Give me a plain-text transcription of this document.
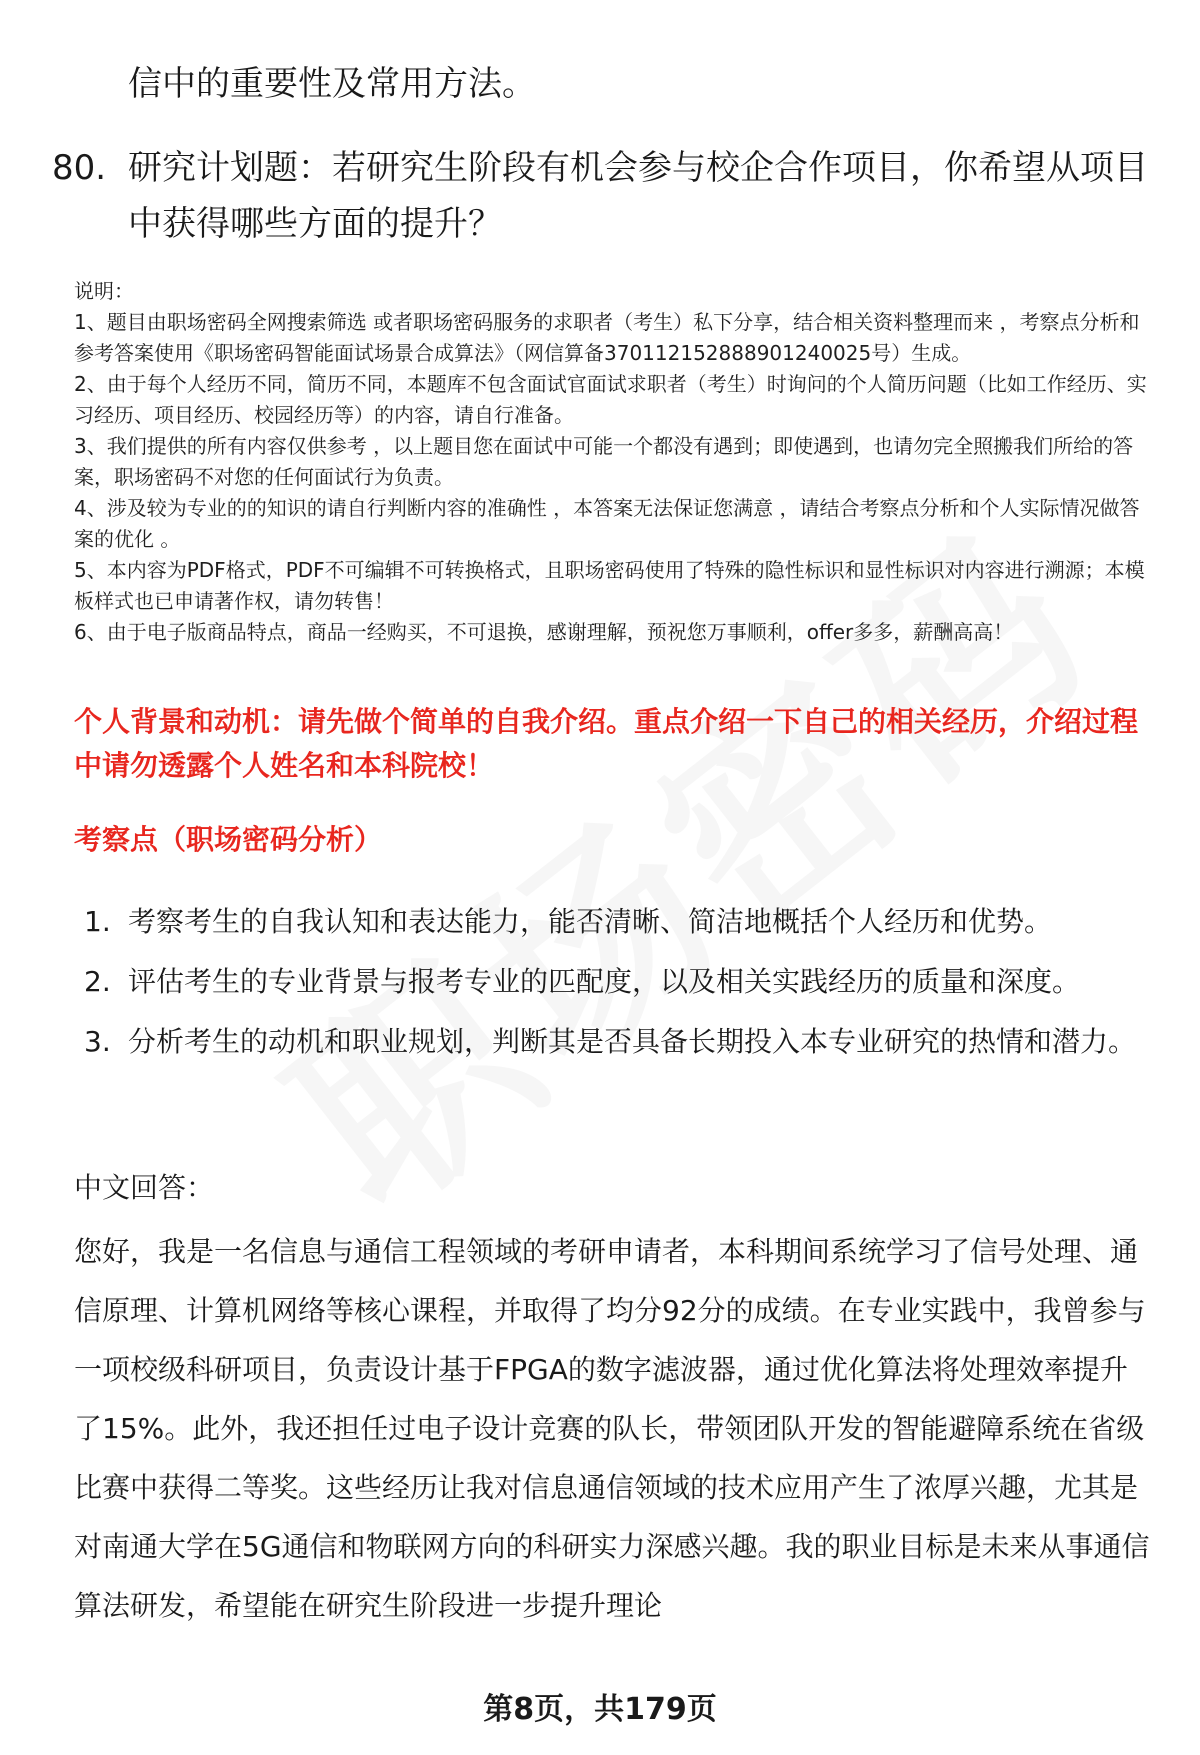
信中的重要性及常用方法。
80. 研究计划题：若研究生阶段有机会参与校企合作项目，你希望从项目中获得哪些方面的提升？
说明：
1、题目由职场密码全网搜索筛选 或者职场密码服务的求职者（考生）私下分享，结合相关资料整理而来 ，考察点分析和参考答案使用《职场密码智能面试场景合成算法》（网信算备370112152888901240025号）生成。
2、由于每个人经历不同，简历不同，本题库不包含面试官面试求职者（考生）时询问的个人简历问题（比如工作经历、实习经历、项目经历、校园经历等）的内容，请自行准备。
3、我们提供的所有内容仅供参考 ，以上题目您在面试中可能一个都没有遇到；即使遇到，也请勿完全照搬我们所给的答案，职场密码不对您的任何面试行为负责。
4、涉及较为专业的的知识的请自行判断内容的准确性 ，本答案无法保证您满意 ，请结合考察点分析和个人实际情况做答案的优化 。
5、本内容为PDF格式，PDF不可编辑不可转换格式，且职场密码使用了特殊的隐性标识和显性标识对内容进行溯源；本模板样式也已申请著作权，请勿转售！
6、由于电子版商品特点，商品一经购买，不可退换，感谢理解，预祝您万事顺利，offer多多，薪酬高高！
个人背景和动机：请先做个简单的自我介绍。重点介绍一下自己的相关经历，介绍过程中请勿透露个人姓名和本科院校！
考察点（职场密码分析）
1. 考察考生的自我认知和表达能力，能否清晰、简洁地概括个人经历和优势。
2. 评估考生的专业背景与报考专业的匹配度，以及相关实践经历的质量和深度。
3. 分析考生的动机和职业规划，判断其是否具备长期投入本专业研究的热情和潜力。
中文回答：
您好，我是一名信息与通信工程领域的考研申请者，本科期间系统学习了信号处理、通信原理、计算机网络等核心课程，并取得了均分92分的成绩。在专业实践中，我曾参与一项校级科研项目，负责设计基于FPGA的数字滤波器，通过优化算法将处理效率提升了15%。此外，我还担任过电子设计竞赛的队长，带领团队开发的智能避障系统在省级比赛中获得二等奖。这些经历让我对信息通信领域的技术应用产生了浓厚兴趣，尤其是对南通大学在5G通信和物联网方向的科研实力深感兴趣。我的职业目标是未来从事通信算法研发，希望能在研究生阶段进一步提升理论
第8页，共179页
